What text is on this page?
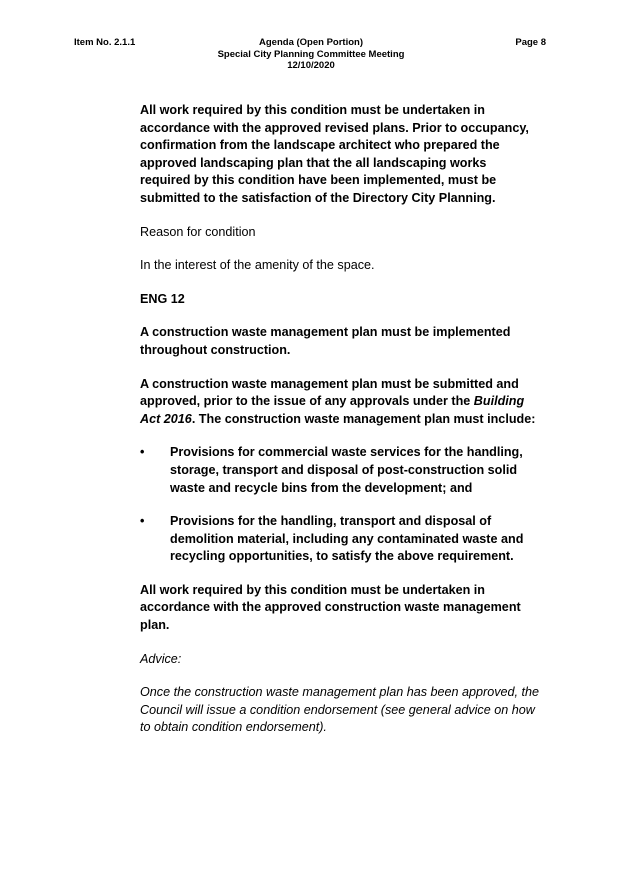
Item No. 2.1.1	Agenda (Open Portion)
Special City Planning Committee Meeting
12/10/2020
Page 8

All work required by this condition must be undertaken in accordance with the approved revised plans. Prior to occupancy, confirmation from the landscape architect who prepared the approved landscaping plan that the all landscaping works required by this condition have been implemented, must be submitted to the satisfaction of the Directory City Planning.

Reason for condition

In the interest of the amenity of the space.

ENG 12

A construction waste management plan must be implemented throughout construction.

A construction waste management plan must be submitted and approved, prior to the issue of any approvals under the Building Act 2016. The construction waste management plan must include:

•	Provisions for commercial waste services for the handling, storage, transport and disposal of post-construction solid waste and recycle bins from the development; and
•	Provisions for the handling, transport and disposal of demolition material, including any contaminated waste and recycling opportunities, to satisfy the above requirement.

All work required by this condition must be undertaken in accordance with the approved construction waste management plan.

Advice:

Once the construction waste management plan has been approved, the Council will issue a condition endorsement (see general advice on how to obtain condition endorsement).
